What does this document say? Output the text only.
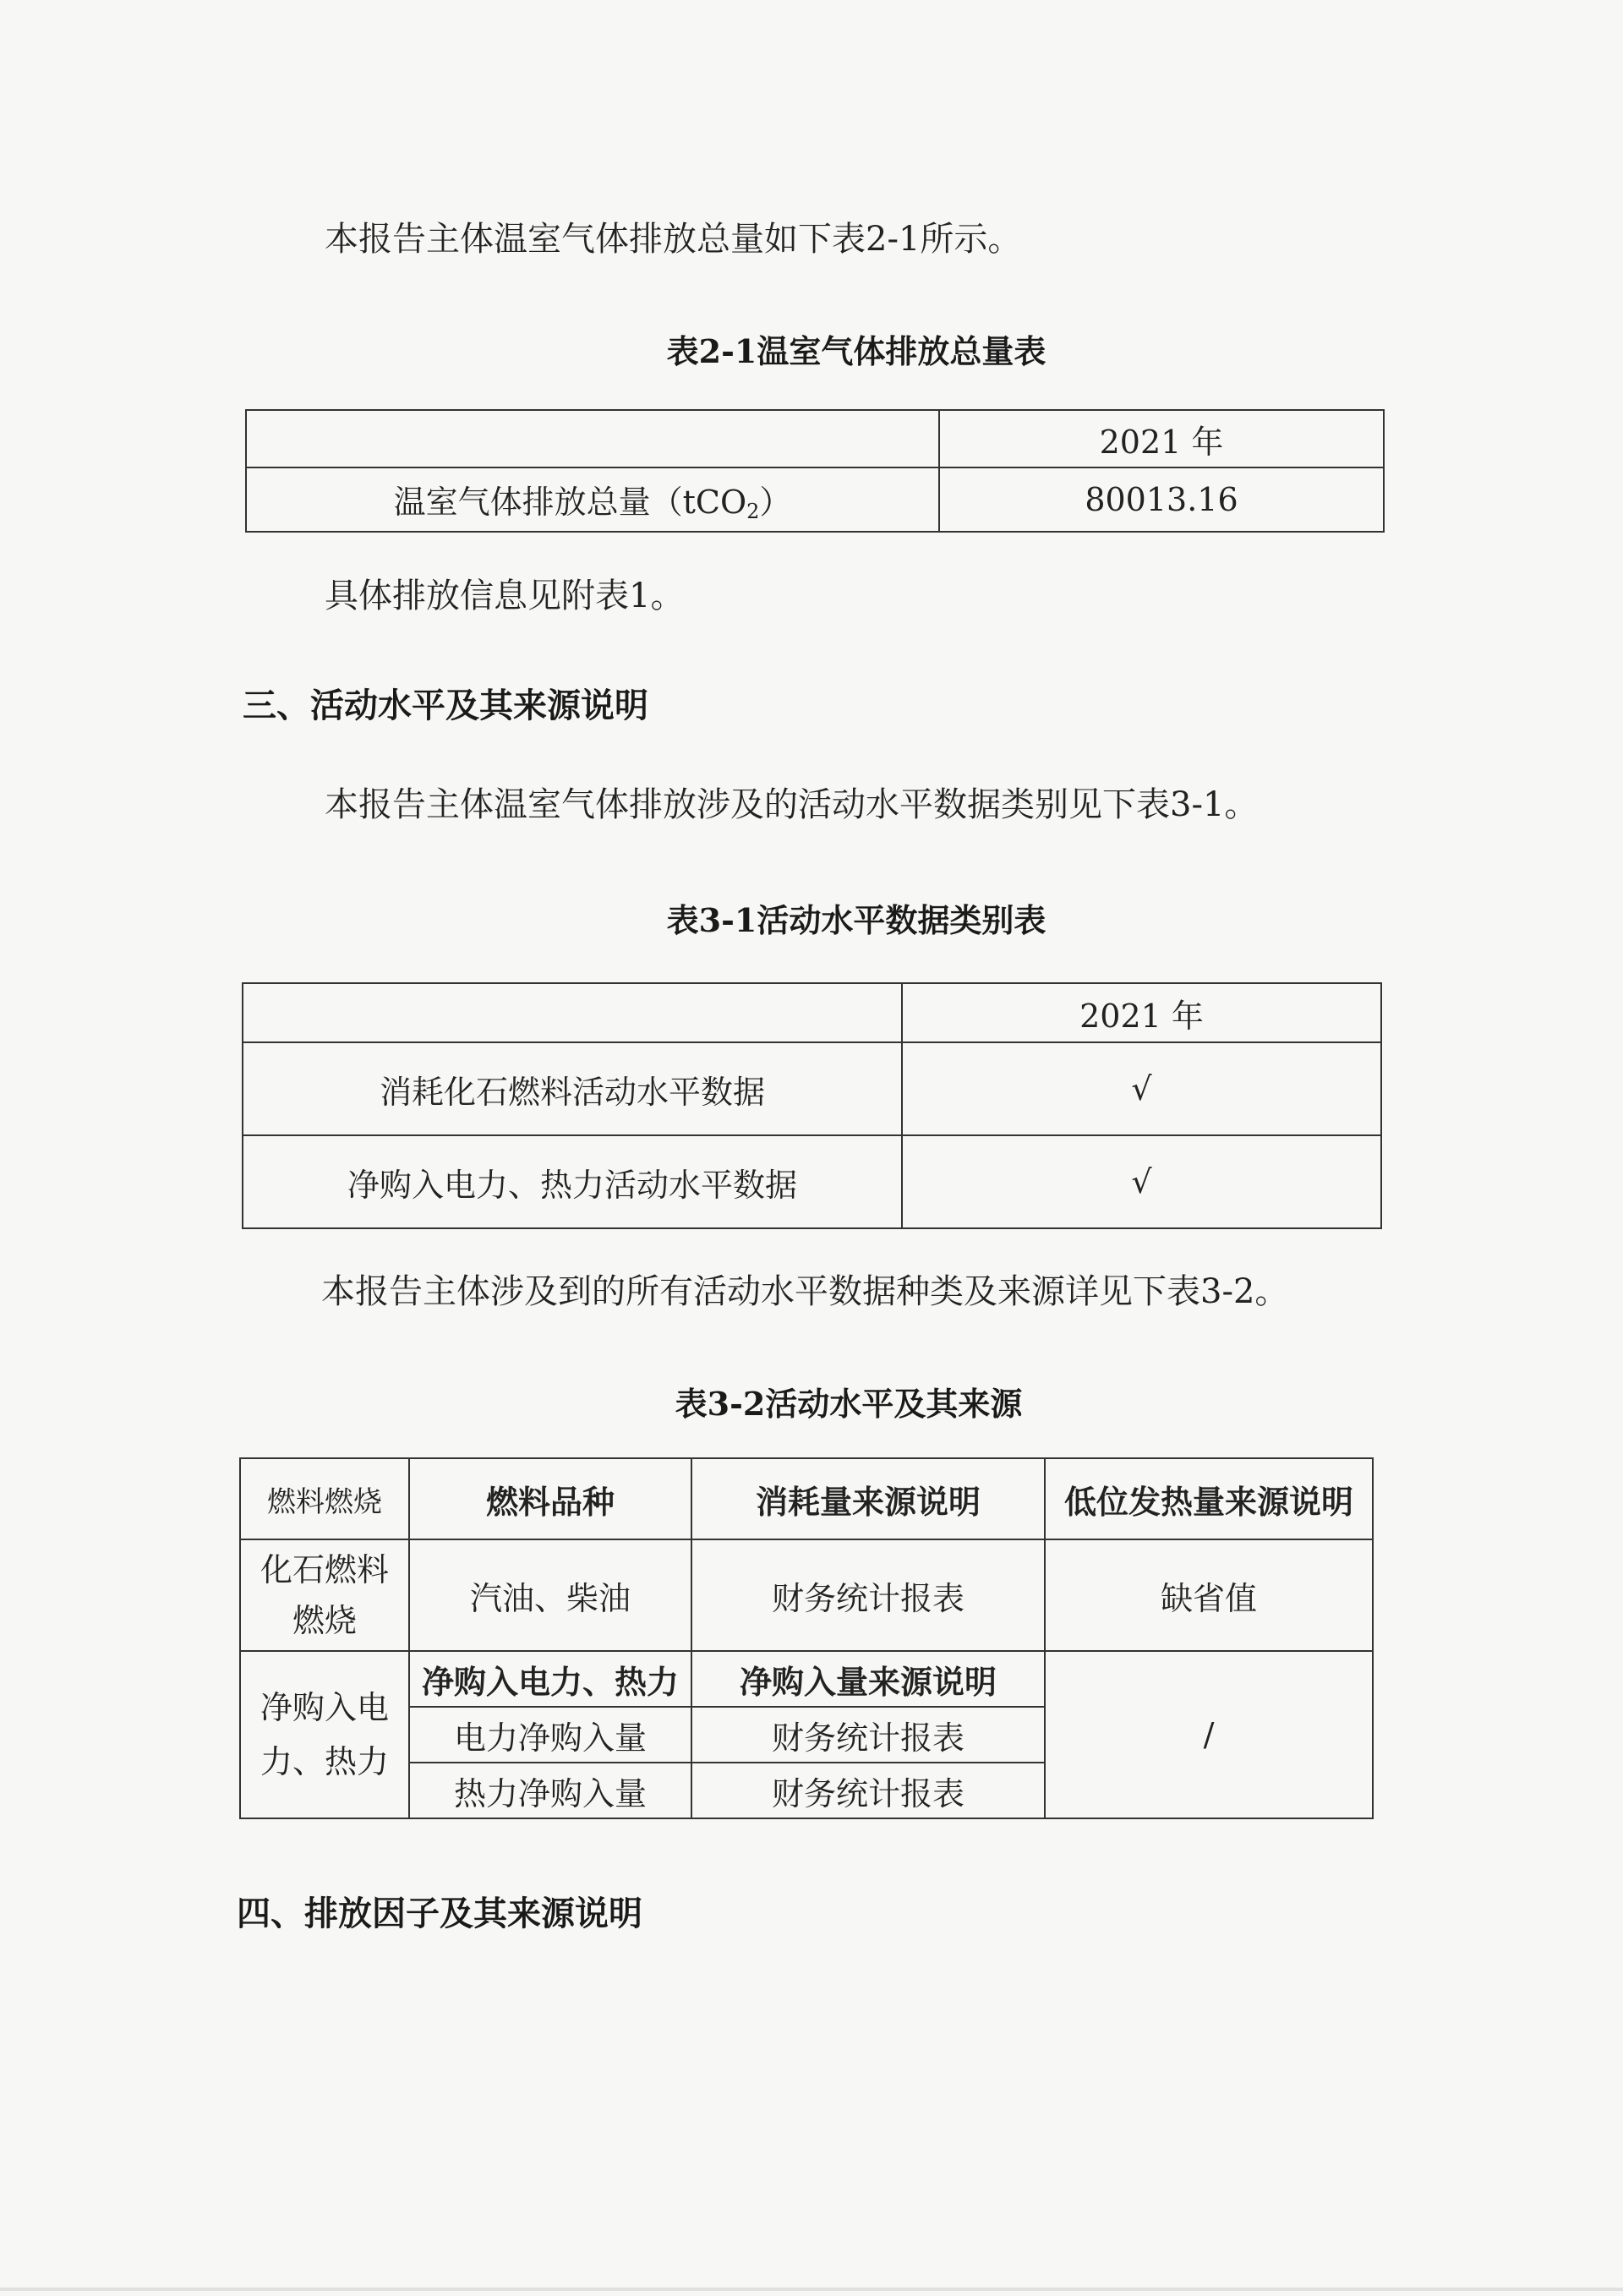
本报告主体温室气体排放总量如下表2-1所示。
表2-1温室气体排放总量表
	2021 年
温室气体排放总量（tCO$_2$）	80013.16
具体排放信息见附表1。
三、活动水平及其来源说明
本报告主体温室气体排放涉及的活动水平数据类别见下表3-1。
表3-1活动水平数据类别表
	2021 年
消耗化石燃料活动水平数据	√
净购入电力、热力活动水平数据	√
本报告主体涉及到的所有活动水平数据种类及来源详见下表3-2。
表3-2活动水平及其来源
燃料燃烧	燃料品种	消耗量来源说明	低位发热量来源说明
化石燃料燃烧	汽油、柴油	财务统计报表	缺省值
净购入电力、热力	净购入电力、热力	净购入量来源说明	/
	电力净购入量	财务统计报表	
	热力净购入量	财务统计报表	
四、排放因子及其来源说明
